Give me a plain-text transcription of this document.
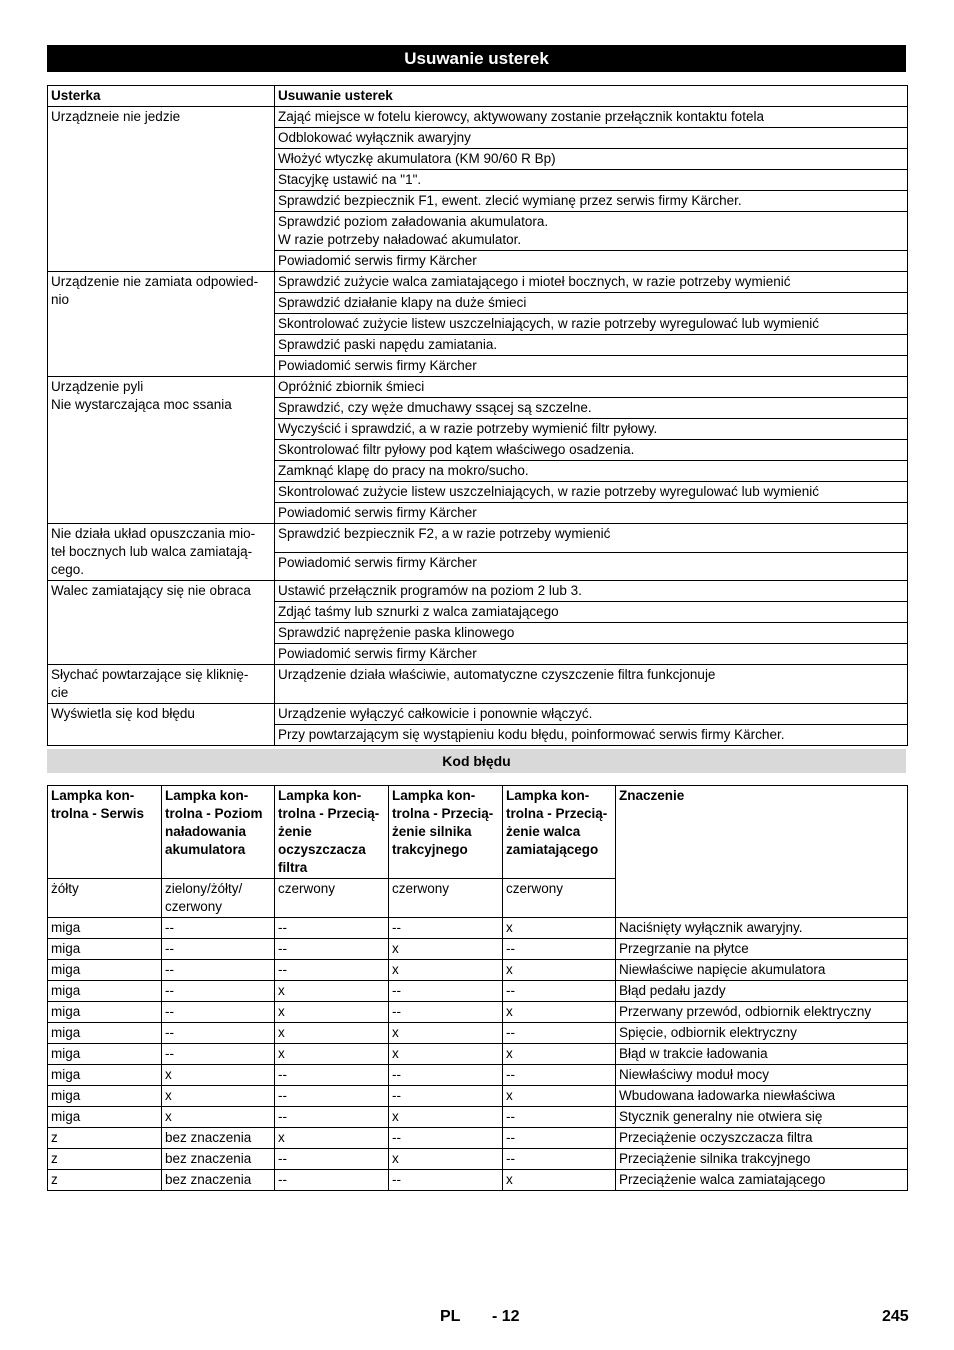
Usuwanie usterek
Usterka	Usuwanie usterek
Urządzneie nie jedzie	Zająć miejsce w fotelu kierowcy, aktywowany zostanie przełącznik kontaktu fotela
	Odblokować wyłącznik awaryjny
	Włożyć wtyczkę akumulatora (KM 90/60 R Bp)
	Stacyjkę ustawić na "1".
	Sprawdzić bezpiecznik F1, ewent. zlecić wymianę przez serwis firmy Kärcher.
	Sprawdzić poziom załadowania akumulatora.
W razie potrzeby naładować akumulator.
	Powiadomić serwis firmy Kärcher
Urządzenie nie zamiata odpowied-
nio	Sprawdzić zużycie walca zamiatającego i mioteł bocznych, w razie potrzeby wymienić
	Sprawdzić działanie klapy na duże śmieci
	Skontrolować zużycie listew uszczelniających, w razie potrzeby wyregulować lub wymienić
	Sprawdzić paski napędu zamiatania.
	Powiadomić serwis firmy Kärcher
Urządzenie pyli
Nie wystarczająca moc ssania	Opróżnić zbiornik śmieci
	Sprawdzić, czy węże dmuchawy ssącej są szczelne.
	Wyczyścić i sprawdzić, a w razie potrzeby wymienić filtr pyłowy.
	Skontrolować filtr pyłowy pod kątem właściwego osadzenia.
	Zamknąć klapę do pracy na mokro/sucho.
	Skontrolować zużycie listew uszczelniających, w razie potrzeby wyregulować lub wymienić
	Powiadomić serwis firmy Kärcher
Nie działa układ opuszczania mio-
teł bocznych lub walca zamiatają-
cego.	Sprawdzić bezpiecznik F2, a w razie potrzeby wymienić
	Powiadomić serwis firmy Kärcher
Walec zamiatający się nie obraca	Ustawić przełącznik programów na poziom 2 lub 3.
	Zdjąć taśmy lub sznurki z walca zamiatającego
	Sprawdzić naprężenie paska klinowego
	Powiadomić serwis firmy Kärcher
Słychać powtarzające się kliknię-
cie	Urządzenie działa właściwie, automatyczne czyszczenie filtra funkcjonuje
Wyświetla się kod błędu	Urządzenie wyłączyć całkowicie i ponownie włączyć.
	Przy powtarzającym się wystąpieniu kodu błędu, poinformować serwis firmy Kärcher.
Kod błędu
Lampka kon-
trolna - Serwis	Lampka kon-
trolna - Poziom
naładowania
akumulatora	Lampka kon-
trolna - Przecią-
żenie
oczyszczacza
filtra	Lampka kon-
trolna - Przecią-
żenie silnika
trakcyjnego	Lampka kon-
trolna - Przecią-
żenie walca
zamiatającego	Znaczenie
żółty	zielony/żółty/
czerwony	czerwony	czerwony	czerwony	
miga	--	--	--	x	Naciśnięty wyłącznik awaryjny.
miga	--	--	x	--	Przegrzanie na płytce
miga	--	--	x	x	Niewłaściwe napięcie akumulatora
miga	--	x	--	--	Błąd pedału jazdy
miga	--	x	--	x	Przerwany przewód, odbiornik elektryczny
miga	--	x	x	--	Spięcie, odbiornik elektryczny
miga	--	x	x	x	Błąd w trakcie ładowania
miga	x	--	--	--	Niewłaściwy moduł mocy
miga	x	--	--	x	Wbudowana ładowarka niewłaściwa
miga	x	--	x	--	Stycznik generalny nie otwiera się
z	bez znaczenia	x	--	--	Przeciążenie oczyszczacza filtra
z	bez znaczenia	--	x	--	Przeciążenie silnika trakcyjnego
z	bez znaczenia	--	--	x	Przeciążenie walca zamiatającego
PL - 12	245
